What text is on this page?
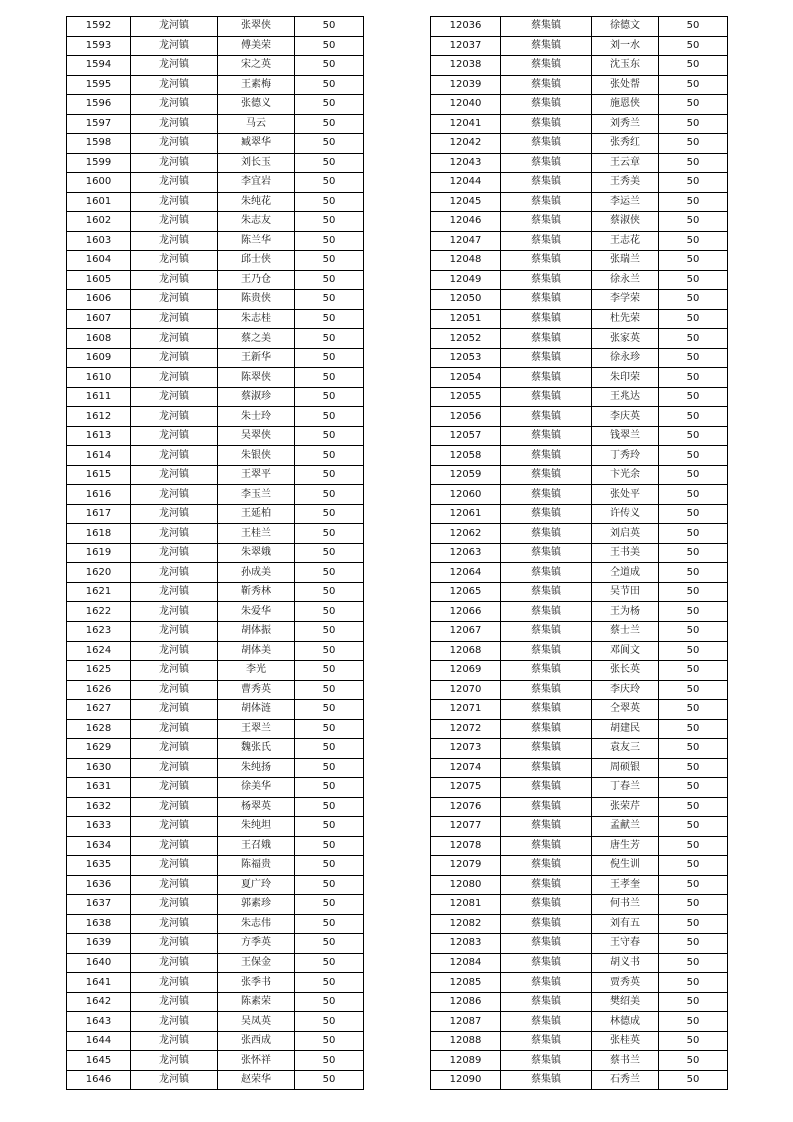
1592	龙河镇	张翠侠	50
1593	龙河镇	傅美荣	50
1594	龙河镇	宋之英	50
1595	龙河镇	王素梅	50
1596	龙河镇	张德义	50
1597	龙河镇	马云	50
1598	龙河镇	臧翠华	50
1599	龙河镇	刘长玉	50
1600	龙河镇	李宜岩	50
1601	龙河镇	朱纯花	50
1602	龙河镇	朱志友	50
1603	龙河镇	陈兰华	50
1604	龙河镇	邱士侠	50
1605	龙河镇	王乃仓	50
1606	龙河镇	陈贵侠	50
1607	龙河镇	朱志桂	50
1608	龙河镇	蔡之美	50
1609	龙河镇	王新华	50
1610	龙河镇	陈翠侠	50
1611	龙河镇	蔡淑珍	50
1612	龙河镇	朱士玲	50
1613	龙河镇	吴翠侠	50
1614	龙河镇	朱银侠	50
1615	龙河镇	王翠平	50
1616	龙河镇	李玉兰	50
1617	龙河镇	王延柏	50
1618	龙河镇	王桂兰	50
1619	龙河镇	朱翠娥	50
1620	龙河镇	孙成美	50
1621	龙河镇	靳秀林	50
1622	龙河镇	朱爱华	50
1623	龙河镇	胡体振	50
1624	龙河镇	胡体美	50
1625	龙河镇	李光	50
1626	龙河镇	曹秀英	50
1627	龙河镇	胡体涟	50
1628	龙河镇	王翠兰	50
1629	龙河镇	魏张氏	50
1630	龙河镇	朱纯扬	50
1631	龙河镇	徐美华	50
1632	龙河镇	杨翠英	50
1633	龙河镇	朱纯坦	50
1634	龙河镇	王召娥	50
1635	龙河镇	陈福贵	50
1636	龙河镇	夏广玲	50
1637	龙河镇	郭素珍	50
1638	龙河镇	朱志伟	50
1639	龙河镇	方季英	50
1640	龙河镇	王保金	50
1641	龙河镇	张季书	50
1642	龙河镇	陈素荣	50
1643	龙河镇	吴凤英	50
1644	龙河镇	张西成	50
1645	龙河镇	张怀祥	50
1646	龙河镇	赵荣华	50
12036	蔡集镇	徐德文	50
12037	蔡集镇	刘一水	50
12038	蔡集镇	沈玉东	50
12039	蔡集镇	张处帮	50
12040	蔡集镇	施恩侠	50
12041	蔡集镇	刘秀兰	50
12042	蔡集镇	张秀红	50
12043	蔡集镇	王云章	50
12044	蔡集镇	王秀美	50
12045	蔡集镇	李运兰	50
12046	蔡集镇	蔡淑侠	50
12047	蔡集镇	王志花	50
12048	蔡集镇	张瑞兰	50
12049	蔡集镇	徐永兰	50
12050	蔡集镇	李学荣	50
12051	蔡集镇	杜先荣	50
12052	蔡集镇	张家英	50
12053	蔡集镇	徐永珍	50
12054	蔡集镇	朱印荣	50
12055	蔡集镇	王兆达	50
12056	蔡集镇	李庆英	50
12057	蔡集镇	钱翠兰	50
12058	蔡集镇	丁秀玲	50
12059	蔡集镇	卞光余	50
12060	蔡集镇	张处平	50
12061	蔡集镇	许传义	50
12062	蔡集镇	刘启英	50
12063	蔡集镇	王书美	50
12064	蔡集镇	仝道成	50
12065	蔡集镇	吴节田	50
12066	蔡集镇	王为杨	50
12067	蔡集镇	蔡士兰	50
12068	蔡集镇	邓阆文	50
12069	蔡集镇	张长英	50
12070	蔡集镇	李庆玲	50
12071	蔡集镇	仝翠英	50
12072	蔡集镇	胡建民	50
12073	蔡集镇	袁友三	50
12074	蔡集镇	周硕银	50
12075	蔡集镇	丁春兰	50
12076	蔡集镇	张荣芹	50
12077	蔡集镇	孟献兰	50
12078	蔡集镇	唐生芳	50
12079	蔡集镇	倪生训	50
12080	蔡集镇	王孝奎	50
12081	蔡集镇	何书兰	50
12082	蔡集镇	刘有五	50
12083	蔡集镇	王守春	50
12084	蔡集镇	胡义书	50
12085	蔡集镇	贾秀英	50
12086	蔡集镇	樊绍美	50
12087	蔡集镇	林德成	50
12088	蔡集镇	张桂英	50
12089	蔡集镇	蔡书兰	50
12090	蔡集镇	石秀兰	50
